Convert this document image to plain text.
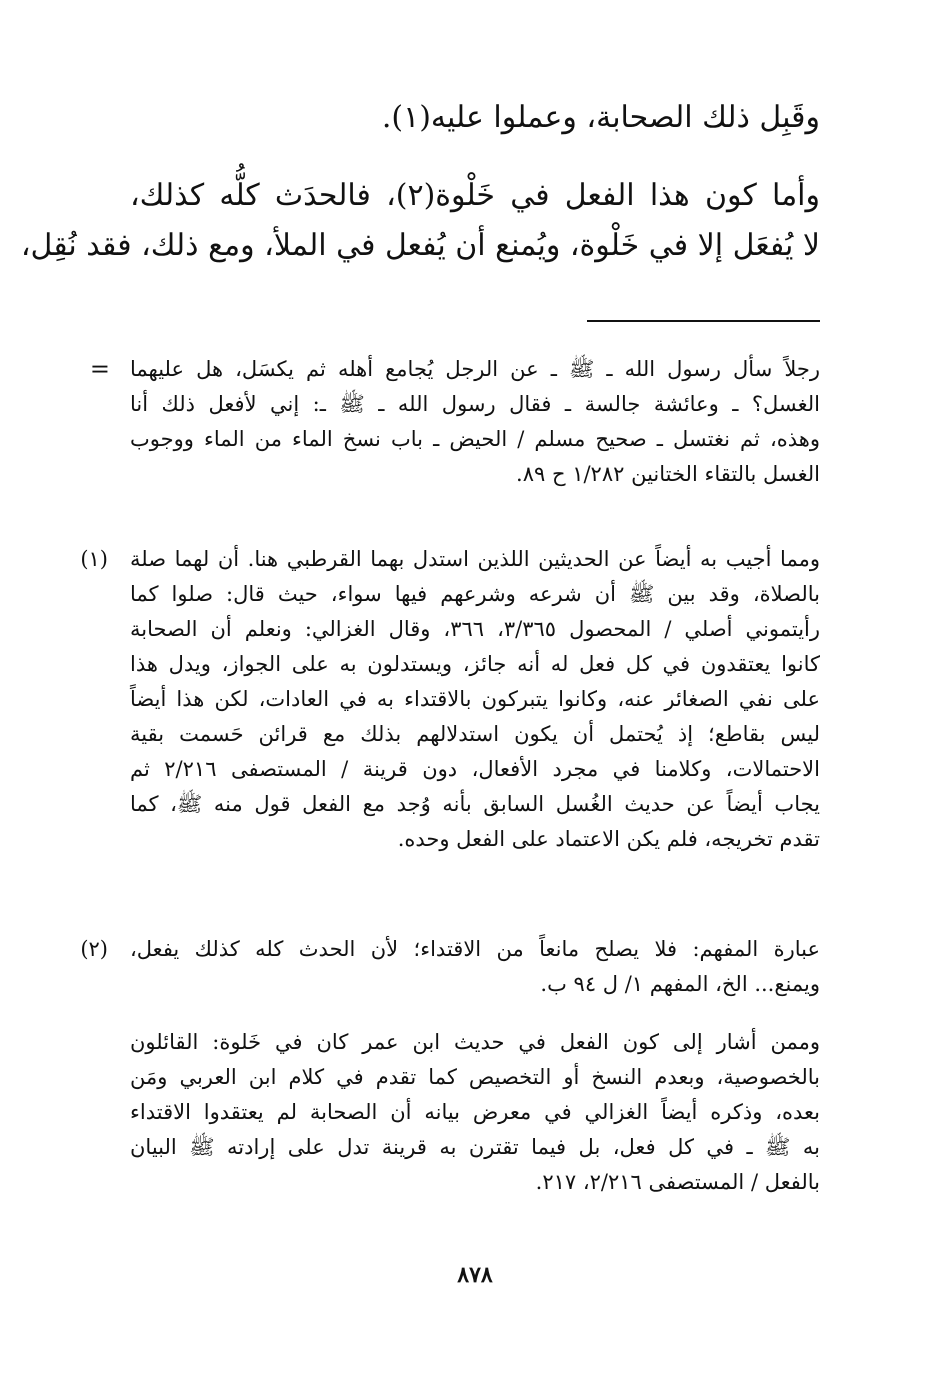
وقَبِل ذلك الصحابة، وعملوا عليه(١).
وأما كون هذا الفعل في خَلْوة(٢)، فالحدَث كلُّه كذلك،
لا يُفعَل إلا في خَلْوة، ويُمنع أن يُفعل في الملأ، ومع ذلك، فقد نُقِل،
= رجلاً سأل رسول الله ـ ﷺ ـ عن الرجل يُجامع أهله ثم يكسَل، هل عليهما
الغسل؟ ـ وعائشة جالسة ـ فقال رسول الله ـ ﷺ ـ: إني لأفعل ذلك أنا
وهذه، ثم نغتسل ـ صحيح مسلم / الحيض ـ باب نسخ الماء من الماء ووجوب
الغسل بالتقاء الختانين ١/٢٨٢ ح ٨٩.
(١) ومما أجيب به أيضاً عن الحديثين اللذين استدل بهما القرطبي هنا. أن لهما صلة
بالصلاة، وقد بين ﷺ أن شرعه وشرعهم فيها سواء، حيث قال: صلوا كما
رأيتموني أصلي / المحصول ٣/٣٦٥، ٣٦٦، وقال الغزالي: ونعلم أن الصحابة
كانوا يعتقدون في كل فعل له أنه جائز، ويستدلون به على الجواز، ويدل هذا
على نفي الصغائر عنه، وكانوا يتبركون بالاقتداء به في العادات، لكن هذا أيضاً
ليس بقاطع؛ إذ يُحتمل أن يكون استدلالهم بذلك مع قرائن حَسمت بقية
الاحتمالات، وكلامنا في مجرد الأفعال، دون قرينة / المستصفى ٢/٢١٦ ثم
يجاب أيضاً عن حديث الغُسل السابق بأنه وُجد مع الفعل قول منه ﷺ، كما
تقدم تخريجه، فلم يكن الاعتماد على الفعل وحده.
(٢) عبارة المفهم: فلا يصلح مانعاً من الاقتداء؛ لأن الحدث كله كذلك يفعل،
ويمنع... الخ، المفهم ١/ ل ٩٤ ب.
وممن أشار إلى كون الفعل في حديث ابن عمر كان في خَلوة: القائلون
بالخصوصية، وبعدم النسخ أو التخصيص كما تقدم في كلام ابن العربي ومَن
بعده، وذكره أيضاً الغزالي في معرض بيانه أن الصحابة لم يعتقدوا الاقتداء
به ﷺ ـ في كل فعل، بل فيما تقترن به قرينة تدل على إرادته ﷺ البيان
بالفعل / المستصفى ٢/٢١٦، ٢١٧.
٨٧٨
